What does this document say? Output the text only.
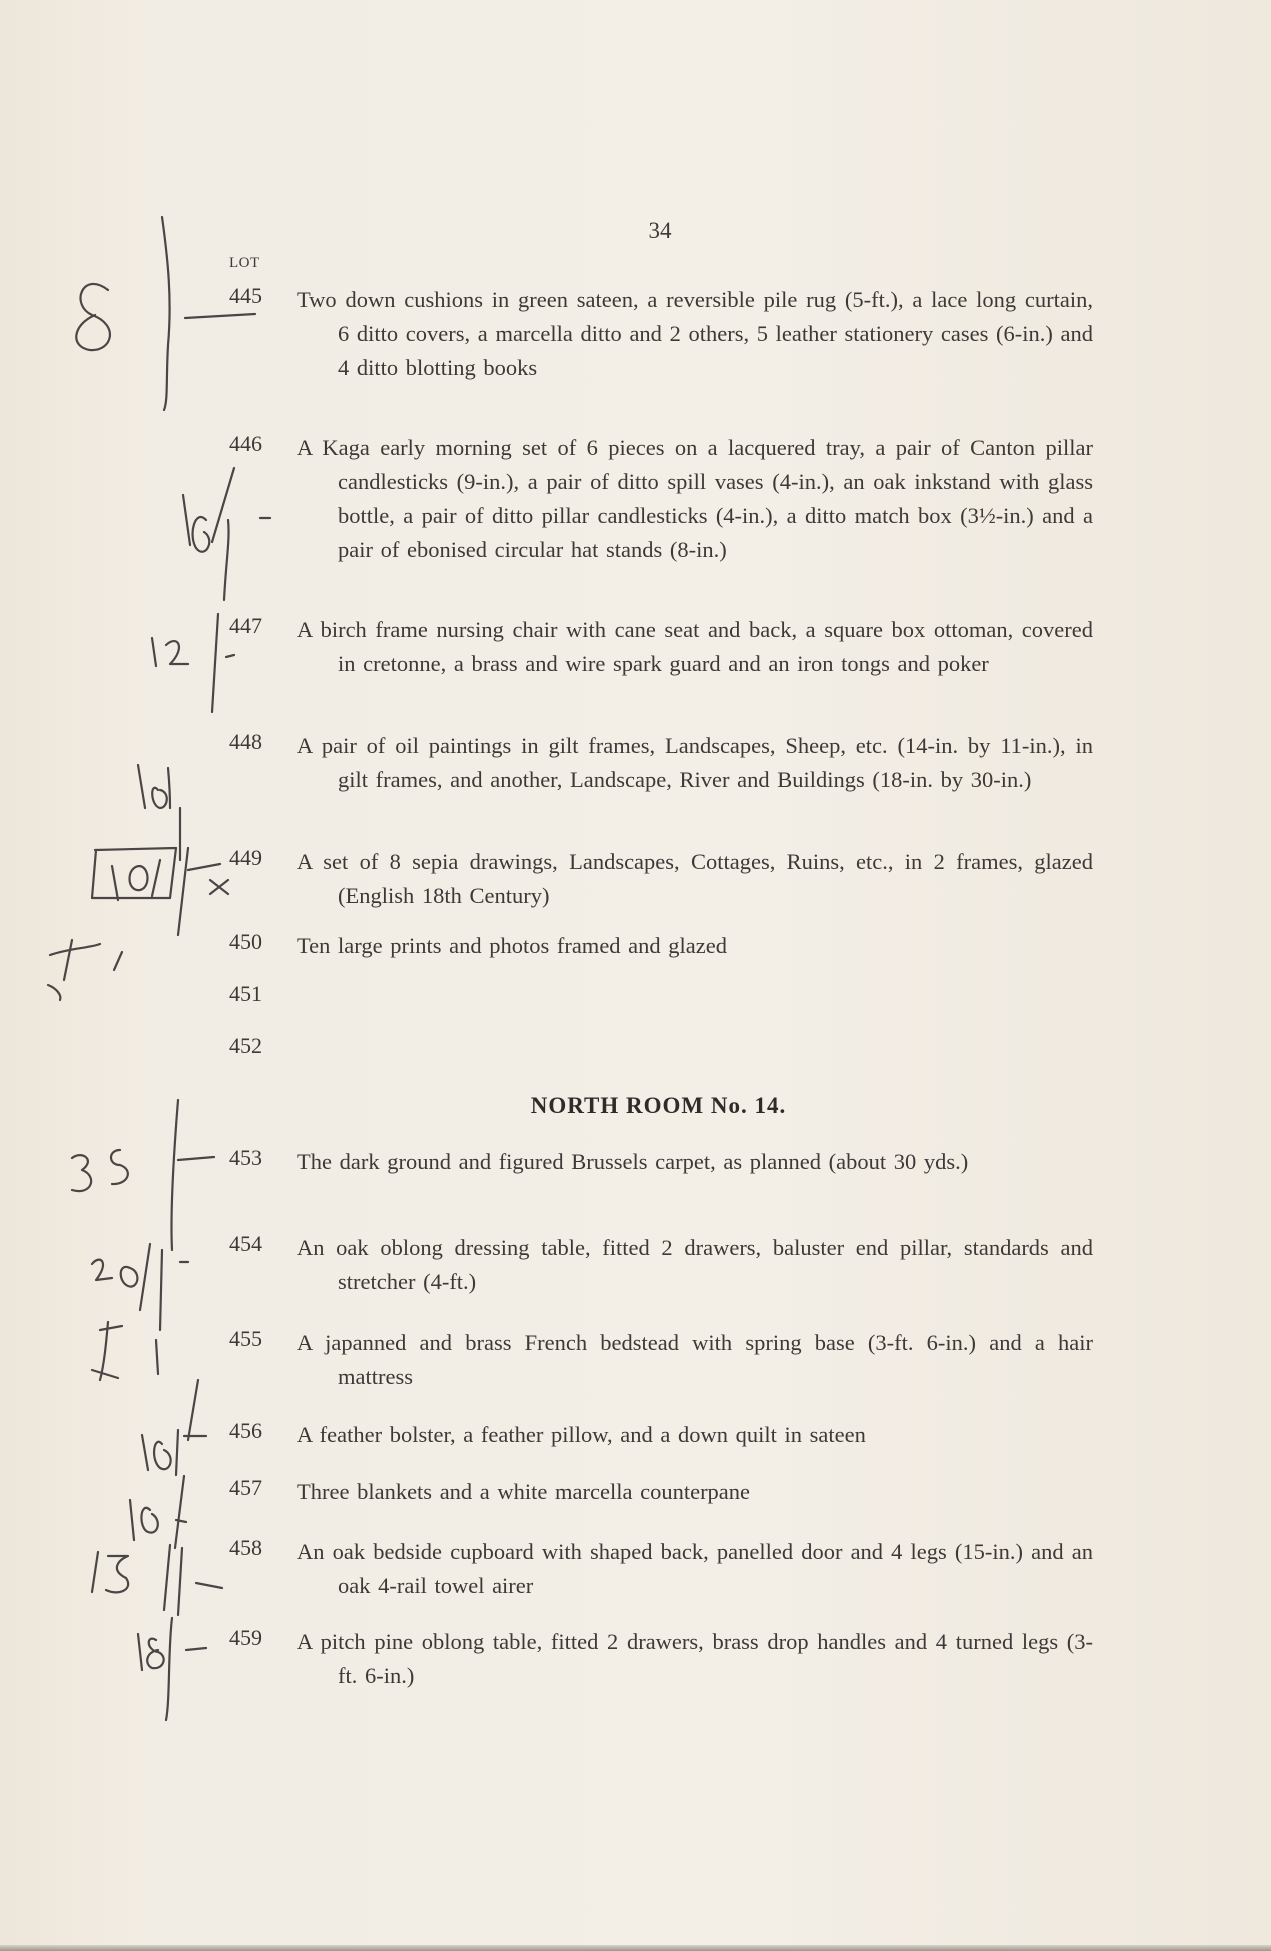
34
LOT
445	Two down cushions in green sateen, a reversible pile rug (5-ft.), a lace long curtain, 6 ditto covers, a marcella ditto and 2 others, 5 leather stationery cases (6-in.) and 4 ditto blotting books
446	A Kaga early morning set of 6 pieces on a lacquered tray, a pair of Canton pillar candlesticks (9-in.), a pair of ditto spill vases (4-in.), an oak inkstand with glass bottle, a pair of ditto pillar candlesticks (4-in.), a ditto match box (3½-in.) and a pair of ebonised circular hat stands (8-in.)
447	A birch frame nursing chair with cane seat and back, a square box ottoman, covered in cretonne, a brass and wire spark guard and an iron tongs and poker
448	A pair of oil paintings in gilt frames, Landscapes, Sheep, etc. (14-in. by 11-in.), in gilt frames, and another, Landscape, River and Buildings (18-in. by 30-in.)
449	A set of 8 sepia drawings, Landscapes, Cottages, Ruins, etc., in 2 frames, glazed (English 18th Century)
450	Ten large prints and photos framed and glazed
451
452
NORTH ROOM No. 14.
453	The dark ground and figured Brussels carpet, as planned (about 30 yds.)
454	An oak oblong dressing table, fitted 2 drawers, baluster end pillar, standards and stretcher (4-ft.)
455	A japanned and brass French bedstead with spring base (3-ft. 6-in.) and a hair mattress
456	A feather bolster, a feather pillow, and a down quilt in sateen
457	Three blankets and a white marcella counterpane
458	An oak bedside cupboard with shaped back, panelled door and 4 legs (15-in.) and an oak 4-rail towel airer
459	A pitch pine oblong table, fitted 2 drawers, brass drop handles and 4 turned legs (3-ft. 6-in.)
